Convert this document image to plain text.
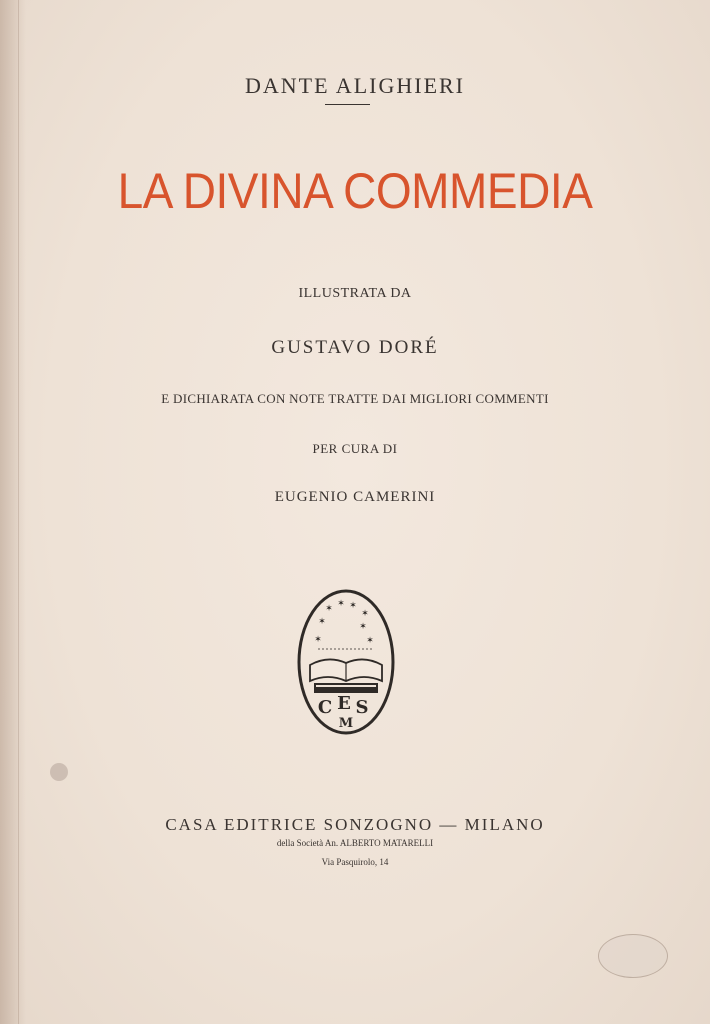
DANTE ALIGHIERI
LA DIVINA COMMEDIA
ILLUSTRATA DA
GUSTAVO DORÉ
E DICHIARATA CON NOTE TRATTE DAI MIGLIORI COMMENTI
PER CURA DI
EUGENIO CAMERINI
✶ ✶ ✶
✶
✶	✶
✶	✶
C E S
M
CASA EDITRICE SONZOGNO — MILANO
della Società An. ALBERTO MATARELLI
Via Pasquirolo, 14
